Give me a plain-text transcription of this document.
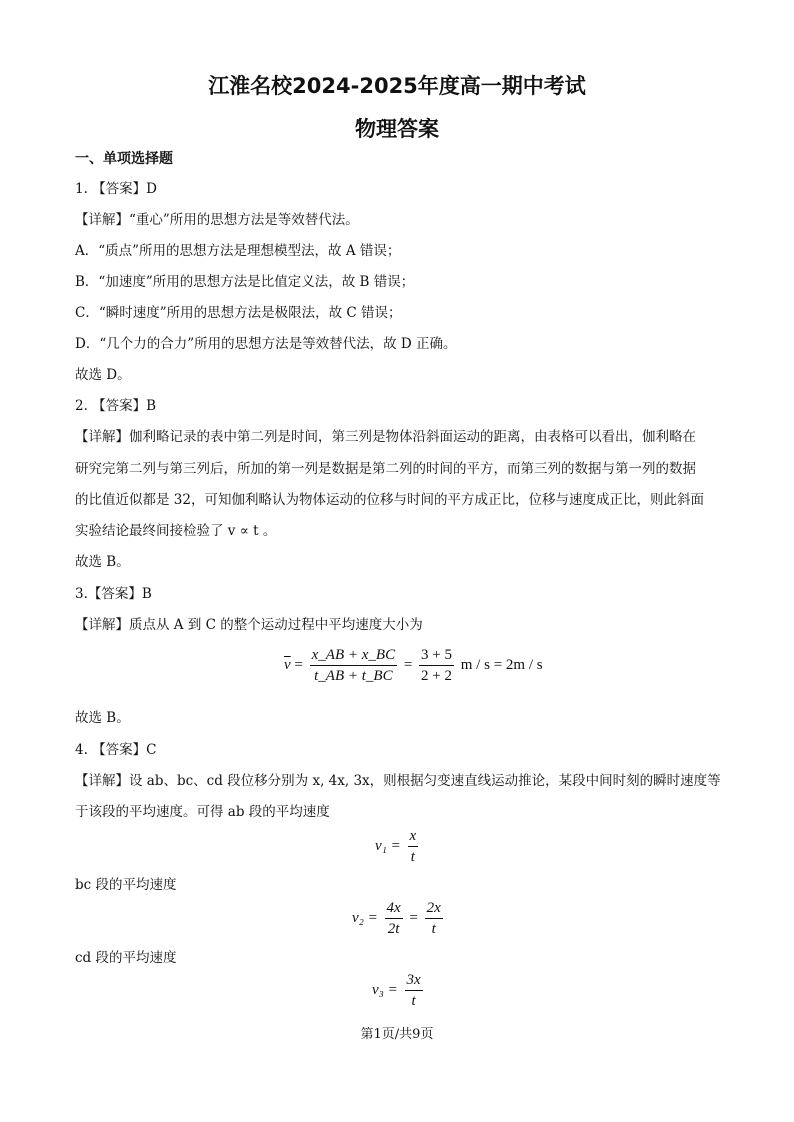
江淮名校2024-2025年度高一期中考试
物理答案
一、单项选择题
1. 【答案】D
【详解】“重心”所用的思想方法是等效替代法。
A．“质点”所用的思想方法是理想模型法，故 A 错误；
B．“加速度”所用的思想方法是比值定义法，故 B 错误；
C．“瞬时速度”所用的思想方法是极限法，故 C 错误；
D．“几个力的合力”所用的思想方法是等效替代法，故 D 正确。
故选 D。
2. 【答案】B
【详解】伽利略记录的表中第二列是时间，第三列是物体沿斜面运动的距离，由表格可以看出，伽利略在
研究完第二列与第三列后，所加的第一列是数据是第二列的时间的平方，而第三列的数据与第一列的数据
的比值近似都是 32，可知伽利略认为物体运动的位移与时间的平方成正比，位移与速度成正比，则此斜面
实验结论最终间接检验了 v ∝ t 。
故选 B。
3.【答案】B
【详解】质点从 A 到 C 的整个运动过程中平均速度大小为
$\overline{v} = \frac{x\_AB + x\_BC}{t\_AB + t\_BC} = \frac{3 + 5}{2 + 2}$ m / s = 2m / s
故选 B。
4. 【答案】C
【详解】设 ab、bc、cd 段位移分别为 x, 4x, 3x，则根据匀变速直线运动推论，某段中间时刻的瞬时速度等
于该段的平均速度。可得 ab 段的平均速度
$v_1 = \frac{x}{t}$
bc 段的平均速度
$v_2 = \frac{4x}{2t} = \frac{2x}{t}$
cd 段的平均速度
$v_3 = \frac{3x}{t}$
第1页/共9页
